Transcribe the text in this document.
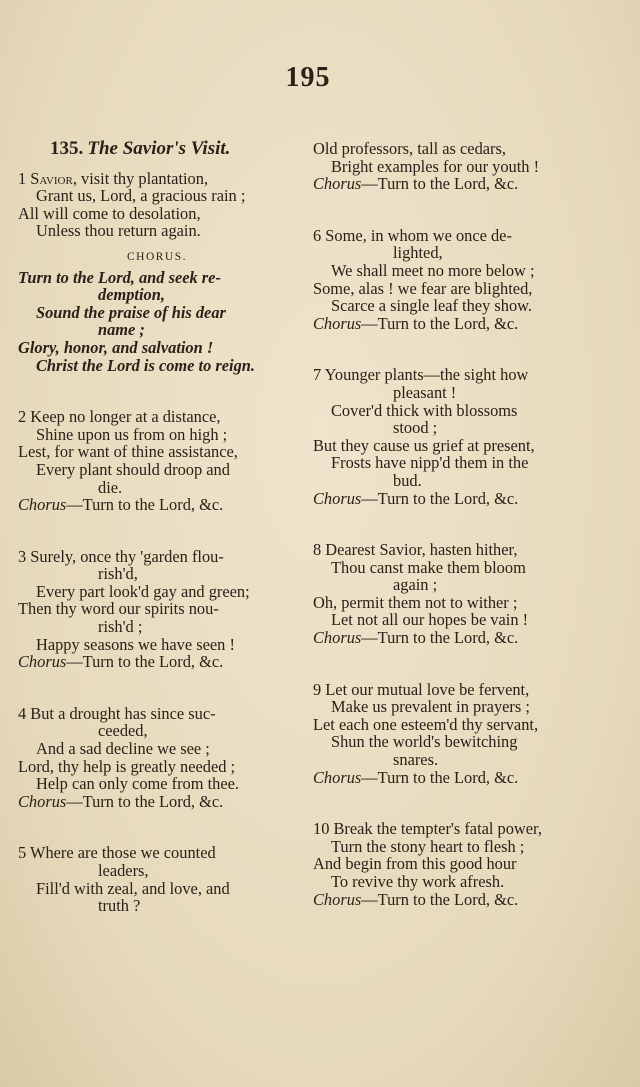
195
135. The Savior's Visit.
1 Savior, visit thy plantation,
Grant us, Lord, a gracious rain ;
All will come to desolation,
Unless thou return again.
CHORUS.
Turn to the Lord, and seek re-
demption,
Sound the praise of his dear
name ;
Glory, honor, and salvation !
Christ the Lord is come to reign.
2 Keep no longer at a distance,
Shine upon us from on high ;
Lest, for want of thine assistance,
Every plant should droop and
die.
Chorus—Turn to the Lord, &c.
3 Surely, once thy 'garden flou-
rish'd,
Every part look'd gay and green;
Then thy word our spirits nou-
rish'd ;
Happy seasons we have seen !
Chorus—Turn to the Lord, &c.
4 But a drought has since suc-
ceeded,
And a sad decline we see ;
Lord, thy help is greatly needed ;
Help can only come from thee.
Chorus—Turn to the Lord, &c.
5 Where are those we counted
leaders,
Fill'd with zeal, and love, and
truth ?
Old professors, tall as cedars,
Bright examples for our youth !
Chorus—Turn to the Lord, &c.
6 Some, in whom we once de-
lighted,
We shall meet no more below ;
Some, alas ! we fear are blighted,
Scarce a single leaf they show.
Chorus—Turn to the Lord, &c.
7 Younger plants—the sight how
pleasant !
Cover'd thick with blossoms
stood ;
But they cause us grief at present,
Frosts have nipp'd them in the
bud.
Chorus—Turn to the Lord, &c.
8 Dearest Savior, hasten hither,
Thou canst make them bloom
again ;
Oh, permit them not to wither ;
Let not all our hopes be vain !
Chorus—Turn to the Lord, &c.
9 Let our mutual love be fervent,
Make us prevalent in prayers ;
Let each one esteem'd thy servant,
Shun the world's bewitching
snares.
Chorus—Turn to the Lord, &c.
10 Break the tempter's fatal power,
Turn the stony heart to flesh ;
And begin from this good hour
To revive thy work afresh.
Chorus—Turn to the Lord, &c.
